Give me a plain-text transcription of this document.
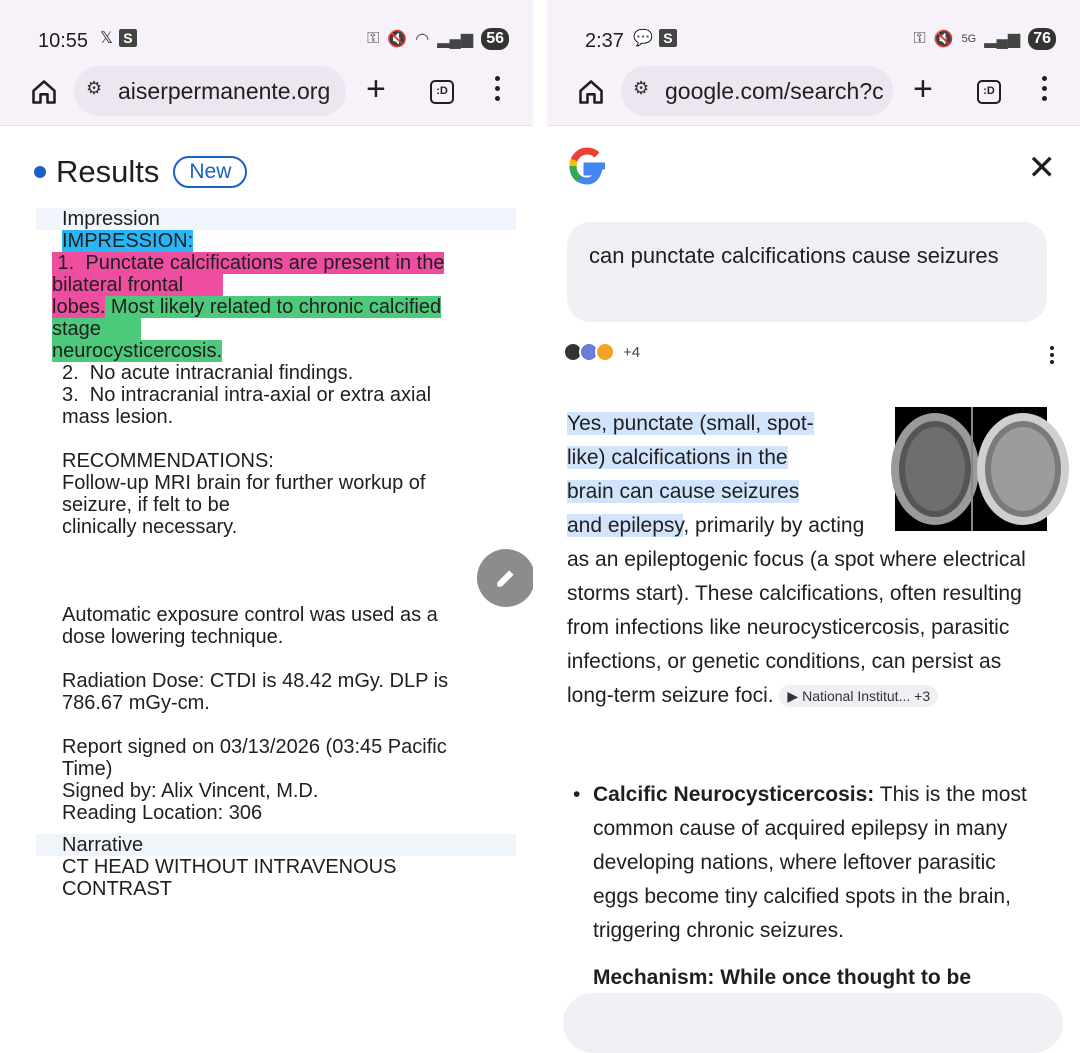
10:55 𝕏 S	⚿ 🔇 ◠ ▂▄▆ 56
⚙ aiserpermanente.org +	:D
Results	New
Impression
IMPRESSION:
1.  Punctate calcifications are present in the
bilateral frontal
lobes. Most likely related to chronic calcified
stage
neurocysticercosis.
2.  No acute intracranial findings.
3.  No intracranial intra-axial or extra axial
mass lesion.
RECOMMENDATIONS:
Follow-up MRI brain for further workup of
seizure, if felt to be
clinically necessary.
Automatic exposure control was used as a
dose lowering technique.
Radiation Dose: CTDI is 48.42 mGy. DLP is
786.67 mGy-cm.
Report signed on 03/13/2026 (03:45 Pacific
Time)
Signed by: Alix Vincent, M.D.
Reading Location: 306
Narrative
CT HEAD WITHOUT INTRAVENOUS
CONTRAST
2:37 💬 S	⚿ 🔇 5G ▂▄▆ 76
⚙ google.com/search?c +	:D
✕
can punctate calcifications cause seizures
+4
Yes, punctate (small, spot-
like) calcifications in the
brain can cause seizures
and epilepsy, primarily by acting as an epileptogenic focus (a spot where electrical storms start). These calcifications, often resulting from infections like neurocysticercosis, parasitic infections, or genetic conditions, can persist as long-term seizure foci. ▶ National Institut... +3
• Calcific Neurocysticercosis: This is the most common cause of acquired epilepsy in many developing nations, where leftover parasitic eggs become tiny calcified spots in the brain, triggering chronic seizures.
Mechanism: While once thought to be
